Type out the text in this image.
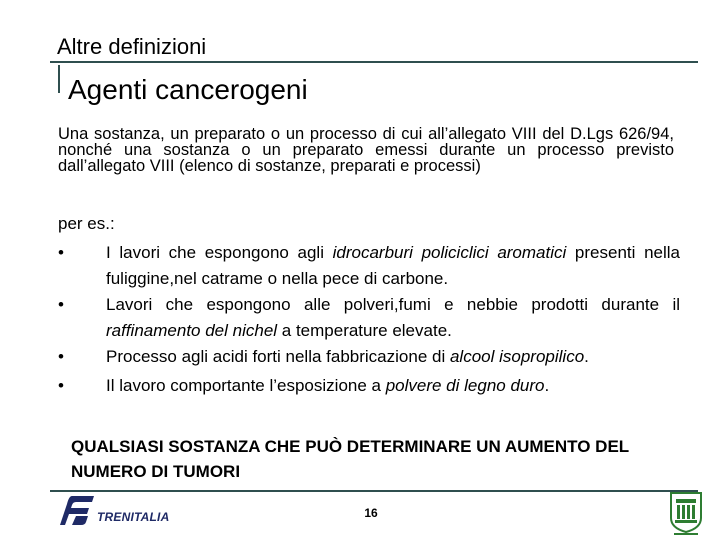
Altre definizioni
Agenti cancerogeni
Una sostanza, un preparato o un processo di cui all’allegato VIII del D.Lgs 626/94, nonché una sostanza o un preparato emessi durante un processo previsto dall’allegato VIII (elenco di sostanze, preparati e processi)
per es.:
•	I lavori che espongono agli idrocarburi policiclici aromatici presenti nella fuliggine,nel catrame o nella pece di carbone.
•	Lavori che espongono alle polveri,fumi e nebbie prodotti durante il raffinamento del nichel a temperature elevate.
•	Processo agli acidi forti nella fabbricazione di alcool isopropilico.
•	Il lavoro comportante l’esposizione a polvere di legno duro.
QUALSIASI SOSTANZA CHE PUÒ DETERMINARE UN AUMENTO DEL NUMERO DI TUMORI
TRENITALIA	16
